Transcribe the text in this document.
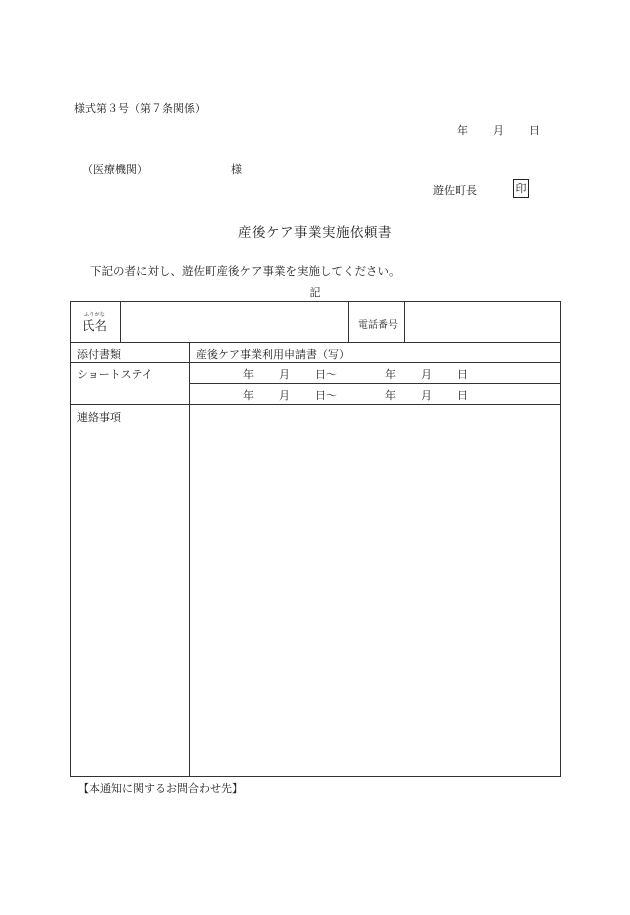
様式第３号（第７条関係）
年 月 日
（医療機関）	様
遊佐町長	印
産後ケア事業実施依頼書
下記の者に対し、遊佐町産後ケア事業を実施してください。
記
ふりがな
氏名	電話番号
添付書類	産後ケア事業利用申請書（写）
ショートステイ	年 月 日～	年 月 日
年 月 日～	年 月 日
連絡事項
【本通知に関するお問合わせ先】
